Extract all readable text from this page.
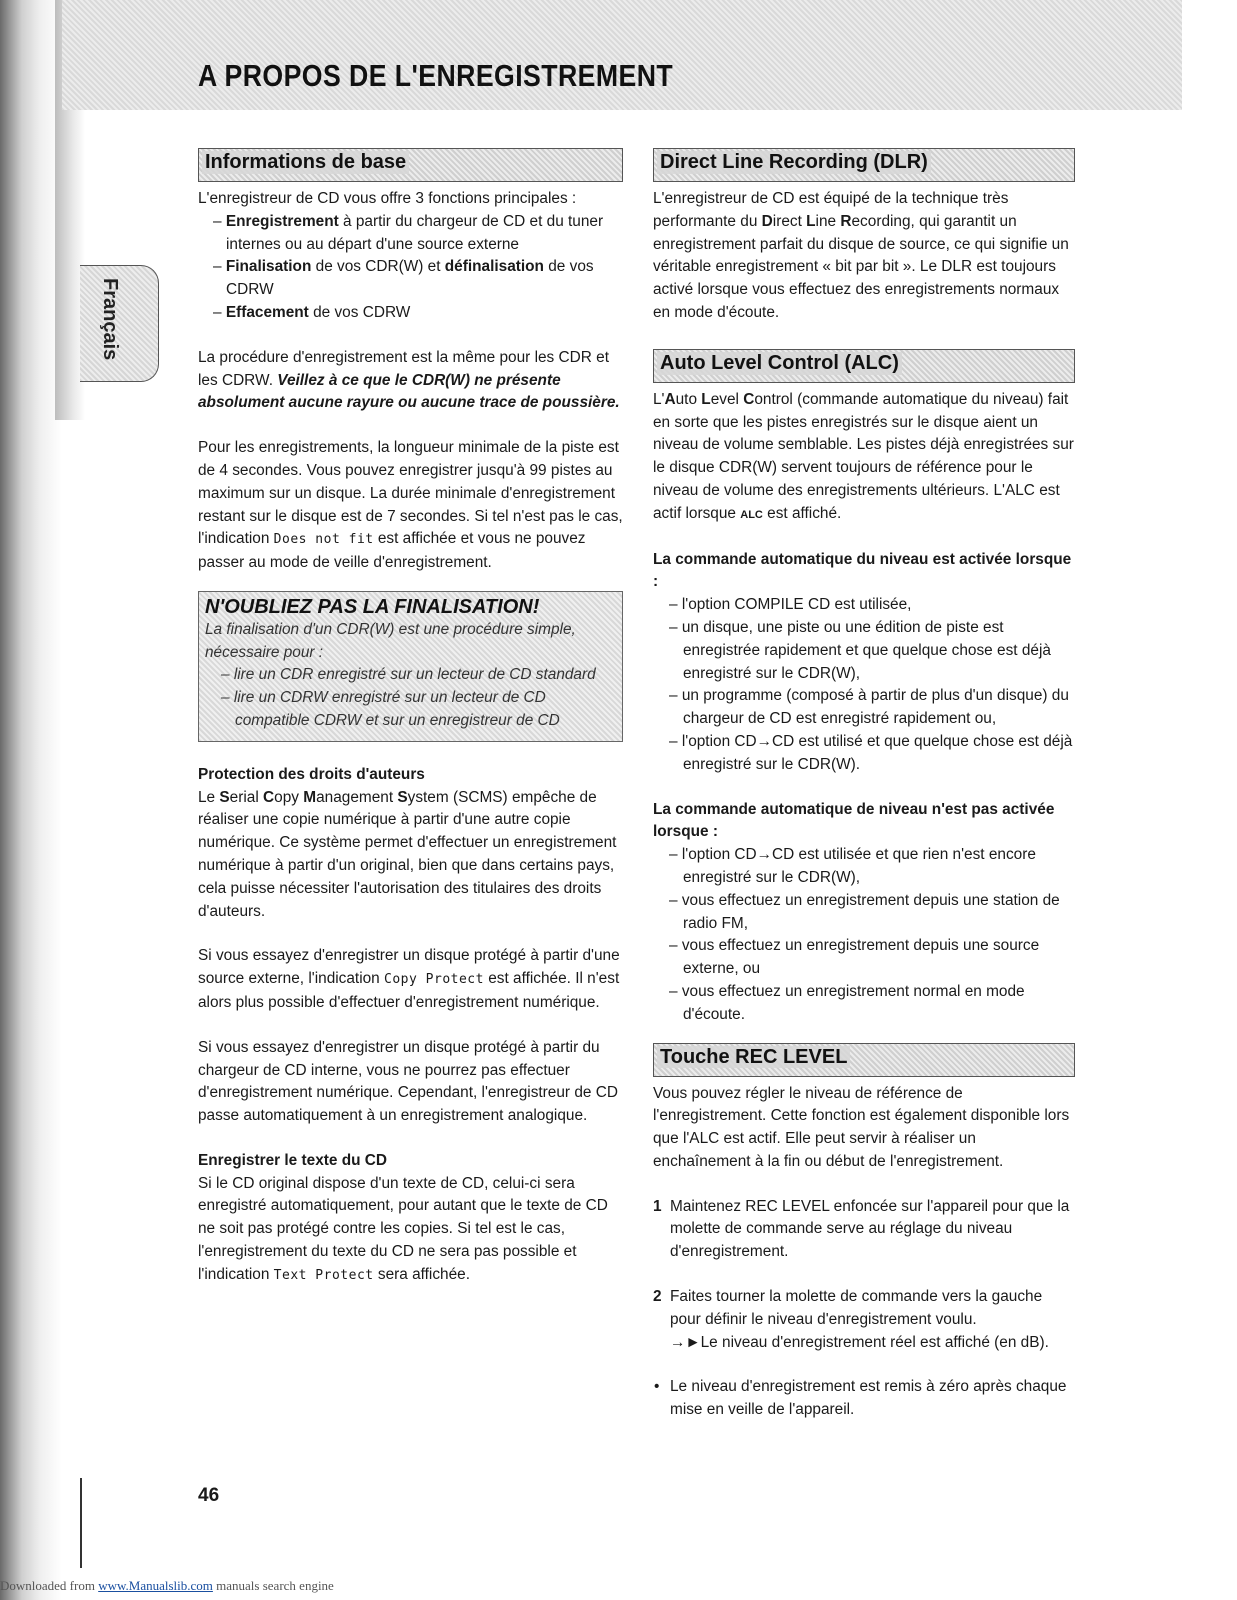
A PROPOS DE L'ENREGISTREMENT
Français
Informations de base

L'enregistreur de CD vous offre 3 fonctions principales :

– Enregistrement à partir du chargeur de CD et du tuner internes ou au départ d'une source externe

– Finalisation de vos CDR(W) et définalisation de vos CDRW

– Effacement de vos CDRW

La procédure d'enregistrement est la même pour les CDR et les CDRW. Veillez à ce que le CDR(W) ne présente absolument aucune rayure ou aucune trace de poussière.

Pour les enregistrements, la longueur minimale de la piste est de 4 secondes. Vous pouvez enregistrer jusqu'à 99 pistes au maximum sur un disque. La durée minimale d'enregistrement restant sur le disque est de 7 secondes. Si tel n'est pas le cas, l'indication Does not fit est affichée et vous ne pouvez passer au mode de veille d'enregistrement.

N'OUBLIEZ PAS LA FINALISATION!

La finalisation d'un CDR(W) est une procédure simple, nécessaire pour :

– lire un CDR enregistré sur un lecteur de CD standard

– lire un CDRW enregistré sur un lecteur de CD compatible CDRW et sur un enregistreur de CD

Protection des droits d'auteurs

Le Serial Copy Management System (SCMS) empêche de réaliser une copie numérique à partir d'une autre copie numérique. Ce système permet d'effectuer un enregistrement numérique à partir d'un original, bien que dans certains pays, cela puisse nécessiter l'autorisation des titulaires des droits d'auteurs.

Si vous essayez d'enregistrer un disque protégé à partir d'une source externe, l'indication Copy Protect est affichée. Il n'est alors plus possible d'effectuer d'enregistrement numérique.

Si vous essayez d'enregistrer un disque protégé à partir du chargeur de CD interne, vous ne pourrez pas effectuer d'enregistrement numérique. Cependant, l'enregistreur de CD passe automatiquement à un enregistrement analogique.

Enregistrer le texte du CD

Si le CD original dispose d'un texte de CD, celui-ci sera enregistré automatiquement, pour autant que le texte de CD ne soit pas protégé contre les copies. Si tel est le cas, l'enregistrement du texte du CD ne sera pas possible et l'indication Text Protect sera affichée.

Direct Line Recording (DLR)

L'enregistreur de CD est équipé de la technique très performante du Direct Line Recording, qui garantit un enregistrement parfait du disque de source, ce qui signifie un véritable enregistrement « bit par bit ». Le DLR est toujours activé lorsque vous effectuez des enregistrements normaux en mode d'écoute.

Auto Level Control (ALC)

L'Auto Level Control (commande automatique du niveau) fait en sorte que les pistes enregistrés sur le disque aient un niveau de volume semblable. Les pistes déjà enregistrées sur le disque CDR(W) servent toujours de référence pour le niveau de volume des enregistrements ultérieurs. L'ALC est actif lorsque ALC est affiché.

La commande automatique du niveau est activée lorsque :

– l'option COMPILE CD est utilisée,

– un disque, une piste ou une édition de piste est enregistrée rapidement et que quelque chose est déjà enregistré sur le CDR(W),

– un programme (composé à partir de plus d'un disque) du chargeur de CD est enregistré rapidement ou,

– l'option CD→CD est utilisé et que quelque chose est déjà enregistré sur le CDR(W).

La commande automatique de niveau n'est pas activée lorsque :

– l'option CD→CD est utilisée et que rien n'est encore enregistré sur le CDR(W),

– vous effectuez un enregistrement depuis une station de radio FM,

– vous effectuez un enregistrement depuis une source externe, ou

– vous effectuez un enregistrement normal en mode d'écoute.

Touche REC LEVEL

Vous pouvez régler le niveau de référence de l'enregistrement. Cette fonction est également disponible lors que l'ALC est actif. Elle peut servir à réaliser un enchaînement à la fin ou début de l'enregistrement.

1 Maintenez REC LEVEL enfoncée sur l'appareil pour que la molette de commande serve au réglage du niveau d'enregistrement.
2 Faites tourner la molette de commande vers la gauche pour définir le niveau d'enregistrement voulu.

→►Le niveau d'enregistrement réel est affiché (en dB).

• Le niveau d'enregistrement est remis à zéro après chaque mise en veille de l'appareil.
46
Downloaded from www.Manualslib.com manuals search engine
